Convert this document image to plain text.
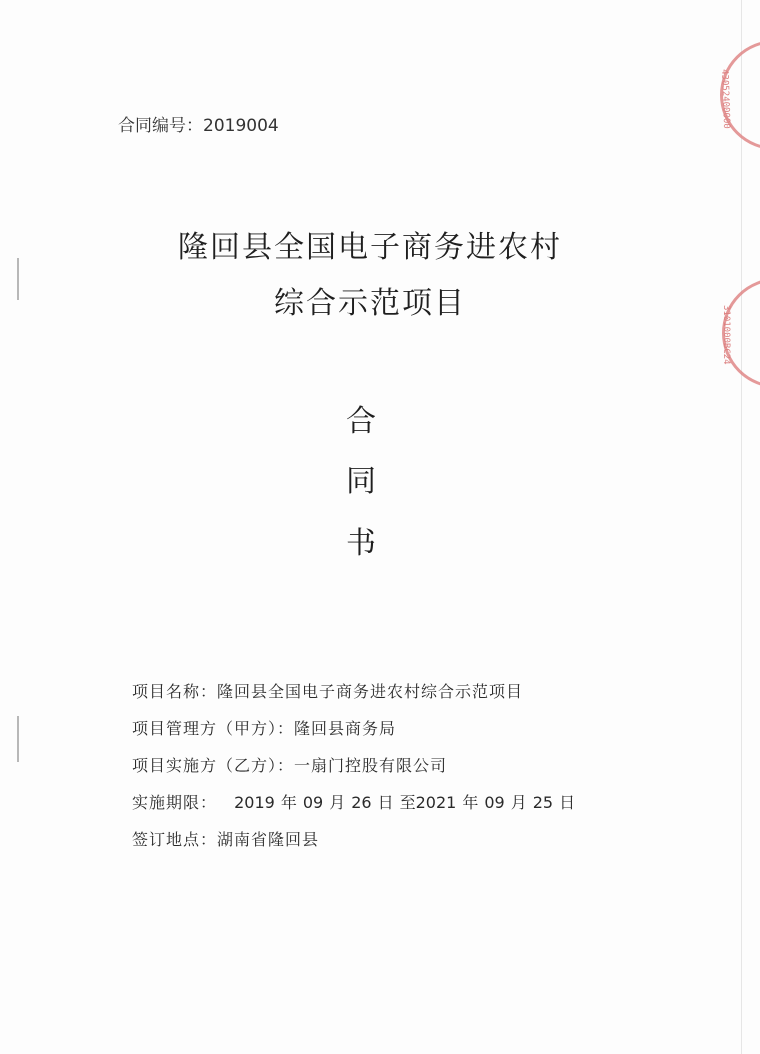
43052400000
3101000BC24
合同编号：2019004
隆回县全国电子商务进农村
综合示范项目
合
同
书
项目名称：隆回县全国电子商务进农村综合示范项目
项目管理方（甲方）：隆回县商务局
项目实施方（乙方）：一扇门控股有限公司
实施期限： 2019 年 09 月 26 日 至2021 年 09 月 25 日
签订地点：湖南省隆回县
